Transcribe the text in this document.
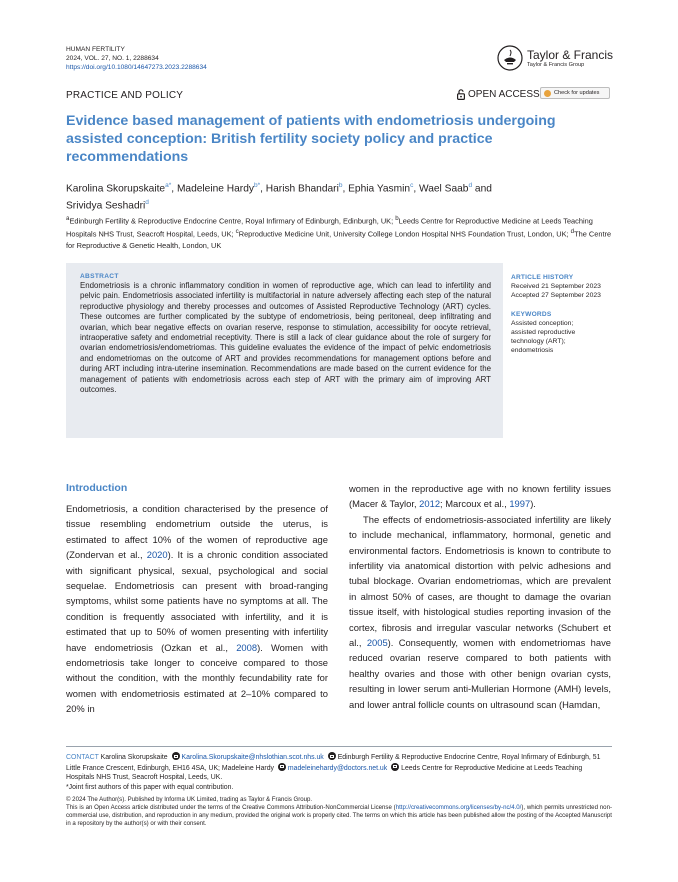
HUMAN FERTILITY
2024, VOL. 27, NO. 1, 2288634
https://doi.org/10.1080/14647273.2023.2288634
Taylor & Francis
Taylor & Francis Group
PRACTICE AND POLICY	OPEN ACCESS	Check for updates
Evidence based management of patients with endometriosis undergoing assisted conception: British fertility society policy and practice recommendations
Karolina Skorupskaite$^{a*}$, Madeleine Hardy$^{b*}$, Harish Bhandari$^b$, Ephia Yasmin$^c$, Wael Saab$^d$ and
Srividya Seshadri$^d$
$^a$Edinburgh Fertility & Reproductive Endocrine Centre, Royal Infirmary of Edinburgh, Edinburgh, UK; $^b$Leeds Centre for Reproductive Medicine at Leeds Teaching Hospitals NHS Trust, Seacroft Hospital, Leeds, UK; $^c$Reproductive Medicine Unit, University College London Hospital NHS Foundation Trust, London, UK; $^d$The Centre for Reproductive & Genetic Health, London, UK
ABSTRACT
Endometriosis is a chronic inflammatory condition in women of reproductive age, which can lead to infertility and pelvic pain. Endometriosis associated infertility is multifactorial in nature adversely affecting each step of the natural reproductive physiology and thereby processes and outcomes of Assisted Reproductive Technology (ART) cycles. These outcomes are further complicated by the subtype of endometriosis, being peritoneal, deep infiltrating and ovarian, which bear negative effects on ovarian reserve, response to stimulation, accessibility for oocyte retrieval, intraoperative safety and endometrial receptivity. There is still a lack of clear guidance about the role of surgery for ovarian endometriosis/endometriomas. This guideline evaluates the evidence of the impact of pelvic endometriosis and endometriomas on the outcome of ART and provides recommendations for management options before and during ART including intra-uterine insemination. Recommendations are made based on the current evidence for the management of patients with endometriosis across each step of ART with the primary aim of improving ART outcomes.
ARTICLE HISTORY
Received 21 September 2023
Accepted 27 September 2023
KEYWORDS
Assisted conception;
assisted reproductive
technology (ART);
endometriosis
Introduction
Endometriosis, a condition characterised by the presence of tissue resembling endometrium outside the uterus, is estimated to affect 10% of the women of reproductive age (Zondervan et al., 2020). It is a chronic condition associated with significant physical, sexual, psychological and social sequelae. Endometriosis can present with broad-ranging symptoms, whilst some patients have no symptoms at all. The condition is frequently associated with infertility, and it is estimated that up to 50% of women presenting with infertility have endometriosis (Ozkan et al., 2008). Women with endometriosis take longer to conceive compared to those without the condition, with the monthly fecundability rate for women with endometriosis estimated at 2–10% compared to 20% in
women in the reproductive age with no known fertility issues (Macer & Taylor, 2012; Marcoux et al., 1997).
The effects of endometriosis-associated infertility are likely to include mechanical, inflammatory, hormonal, genetic and environmental factors. Endometriosis is known to contribute to infertility via anatomical distortion with pelvic adhesions and tubal blockage. Ovarian endometriomas, which are prevalent in almost 50% of cases, are thought to damage the ovarian tissue itself, with histological studies reporting invasion of the cortex, fibrosis and irregular vascular networks (Schubert et al., 2005). Consequently, women with endometriomas have reduced ovarian reserve compared to both patients with healthy ovaries and those with other benign ovarian cysts, resulting in lower serum anti-Mullerian Hormone (AMH) levels, and lower antral follicle counts on ultrasound scan (Hamdan,
CONTACT Karolina Skorupskaite Karolina.Skorupskaite@nhslothian.scot.nhs.uk Edinburgh Fertility & Reproductive Endocrine Centre, Royal Infirmary of Edinburgh, 51 Little France Crescent, Edinburgh, EH16 4SA, UK; Madeleine Hardy madeleinehardy@doctors.net.uk Leeds Centre for Reproductive Medicine at Leeds Teaching Hospitals NHS Trust, Seacroft Hospital, Leeds, UK.
*Joint first authors of this paper with equal contribution.
© 2024 The Author(s). Published by Informa UK Limited, trading as Taylor & Francis Group.
This is an Open Access article distributed under the terms of the Creative Commons Attribution-NonCommercial License (http://creativecommons.org/licenses/by-nc/4.0/), which permits unrestricted non-commercial use, distribution, and reproduction in any medium, provided the original work is properly cited. The terms on which this article has been published allow the posting of the Accepted Manuscript in a repository by the author(s) or with their consent.
